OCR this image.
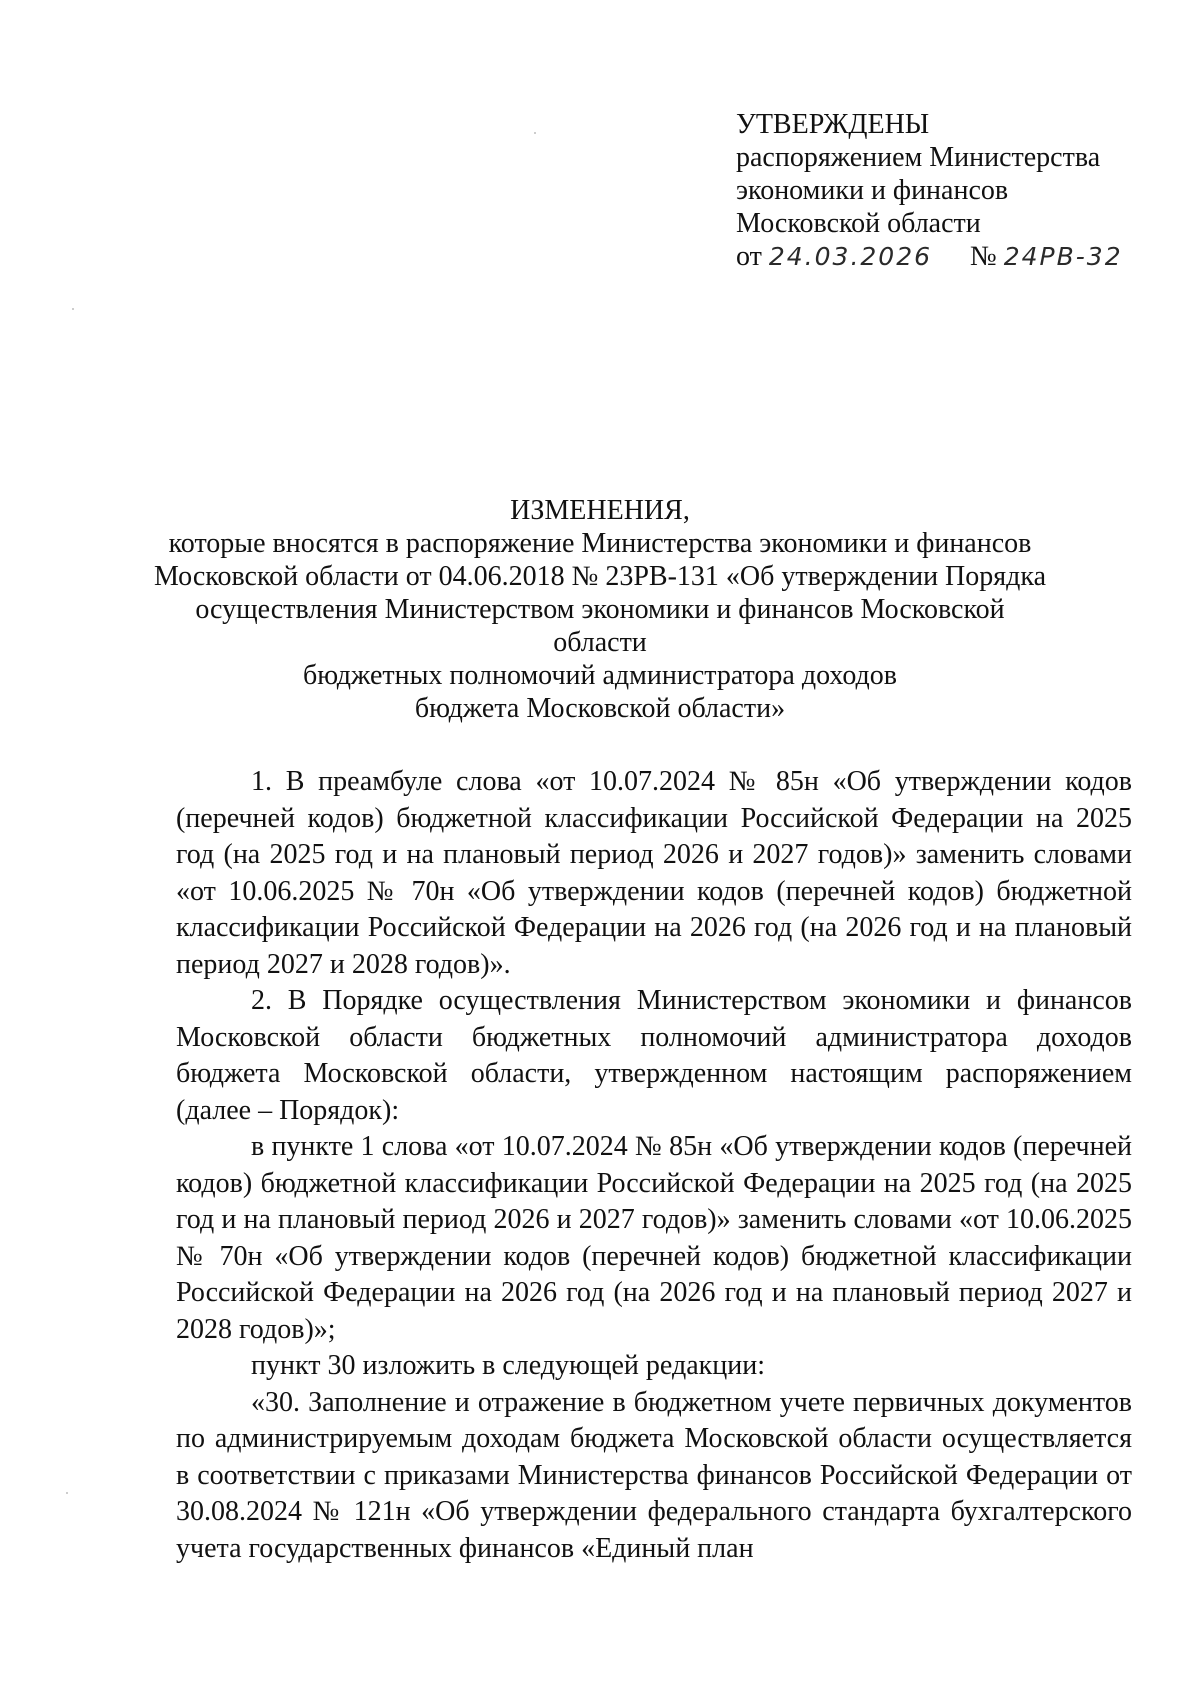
УТВЕРЖДЕНЫ
распоряжением Министерства
экономики и финансов
Московской области
от 24.03.2026 № 24РВ-32
ИЗМЕНЕНИЯ,
которые вносятся в распоряжение Министерства экономики и финансов
Московской области от 04.06.2018 № 23РВ-131 «Об утверждении Порядка
осуществления Министерством экономики и финансов Московской области
бюджетных полномочий администратора доходов
бюджета Московской области»

1. В преамбуле слова «от 10.07.2024 № 85н «Об утверждении кодов (перечней кодов) бюджетной классификации Российской Федерации на 2025 год (на 2025 год и на плановый период 2026 и 2027 годов)» заменить словами «от 10.06.2025 № 70н «Об утверждении кодов (перечней кодов) бюджетной классификации Российской Федерации на 2026 год (на 2026 год и на плановый период 2027 и 2028 годов)».

2. В Порядке осуществления Министерством экономики и финансов Московской области бюджетных полномочий администратора доходов бюджета Московской области, утвержденном настоящим распоряжением (далее – Порядок):

в пункте 1 слова «от 10.07.2024 № 85н «Об утверждении кодов (перечней кодов) бюджетной классификации Российской Федерации на 2025 год (на 2025 год и на плановый период 2026 и 2027 годов)» заменить словами «от 10.06.2025 № 70н «Об утверждении кодов (перечней кодов) бюджетной классификации Российской Федерации на 2026 год (на 2026 год и на плановый период 2027 и 2028 годов)»;

пункт 30 изложить в следующей редакции:

«30. Заполнение и отражение в бюджетном учете первичных документов по администрируемым доходам бюджета Московской области осуществляется в соответствии с приказами Министерства финансов Российской Федерации от 30.08.2024 № 121н «Об утверждении федерального стандарта бухгалтерского учета государственных финансов «Единый план
